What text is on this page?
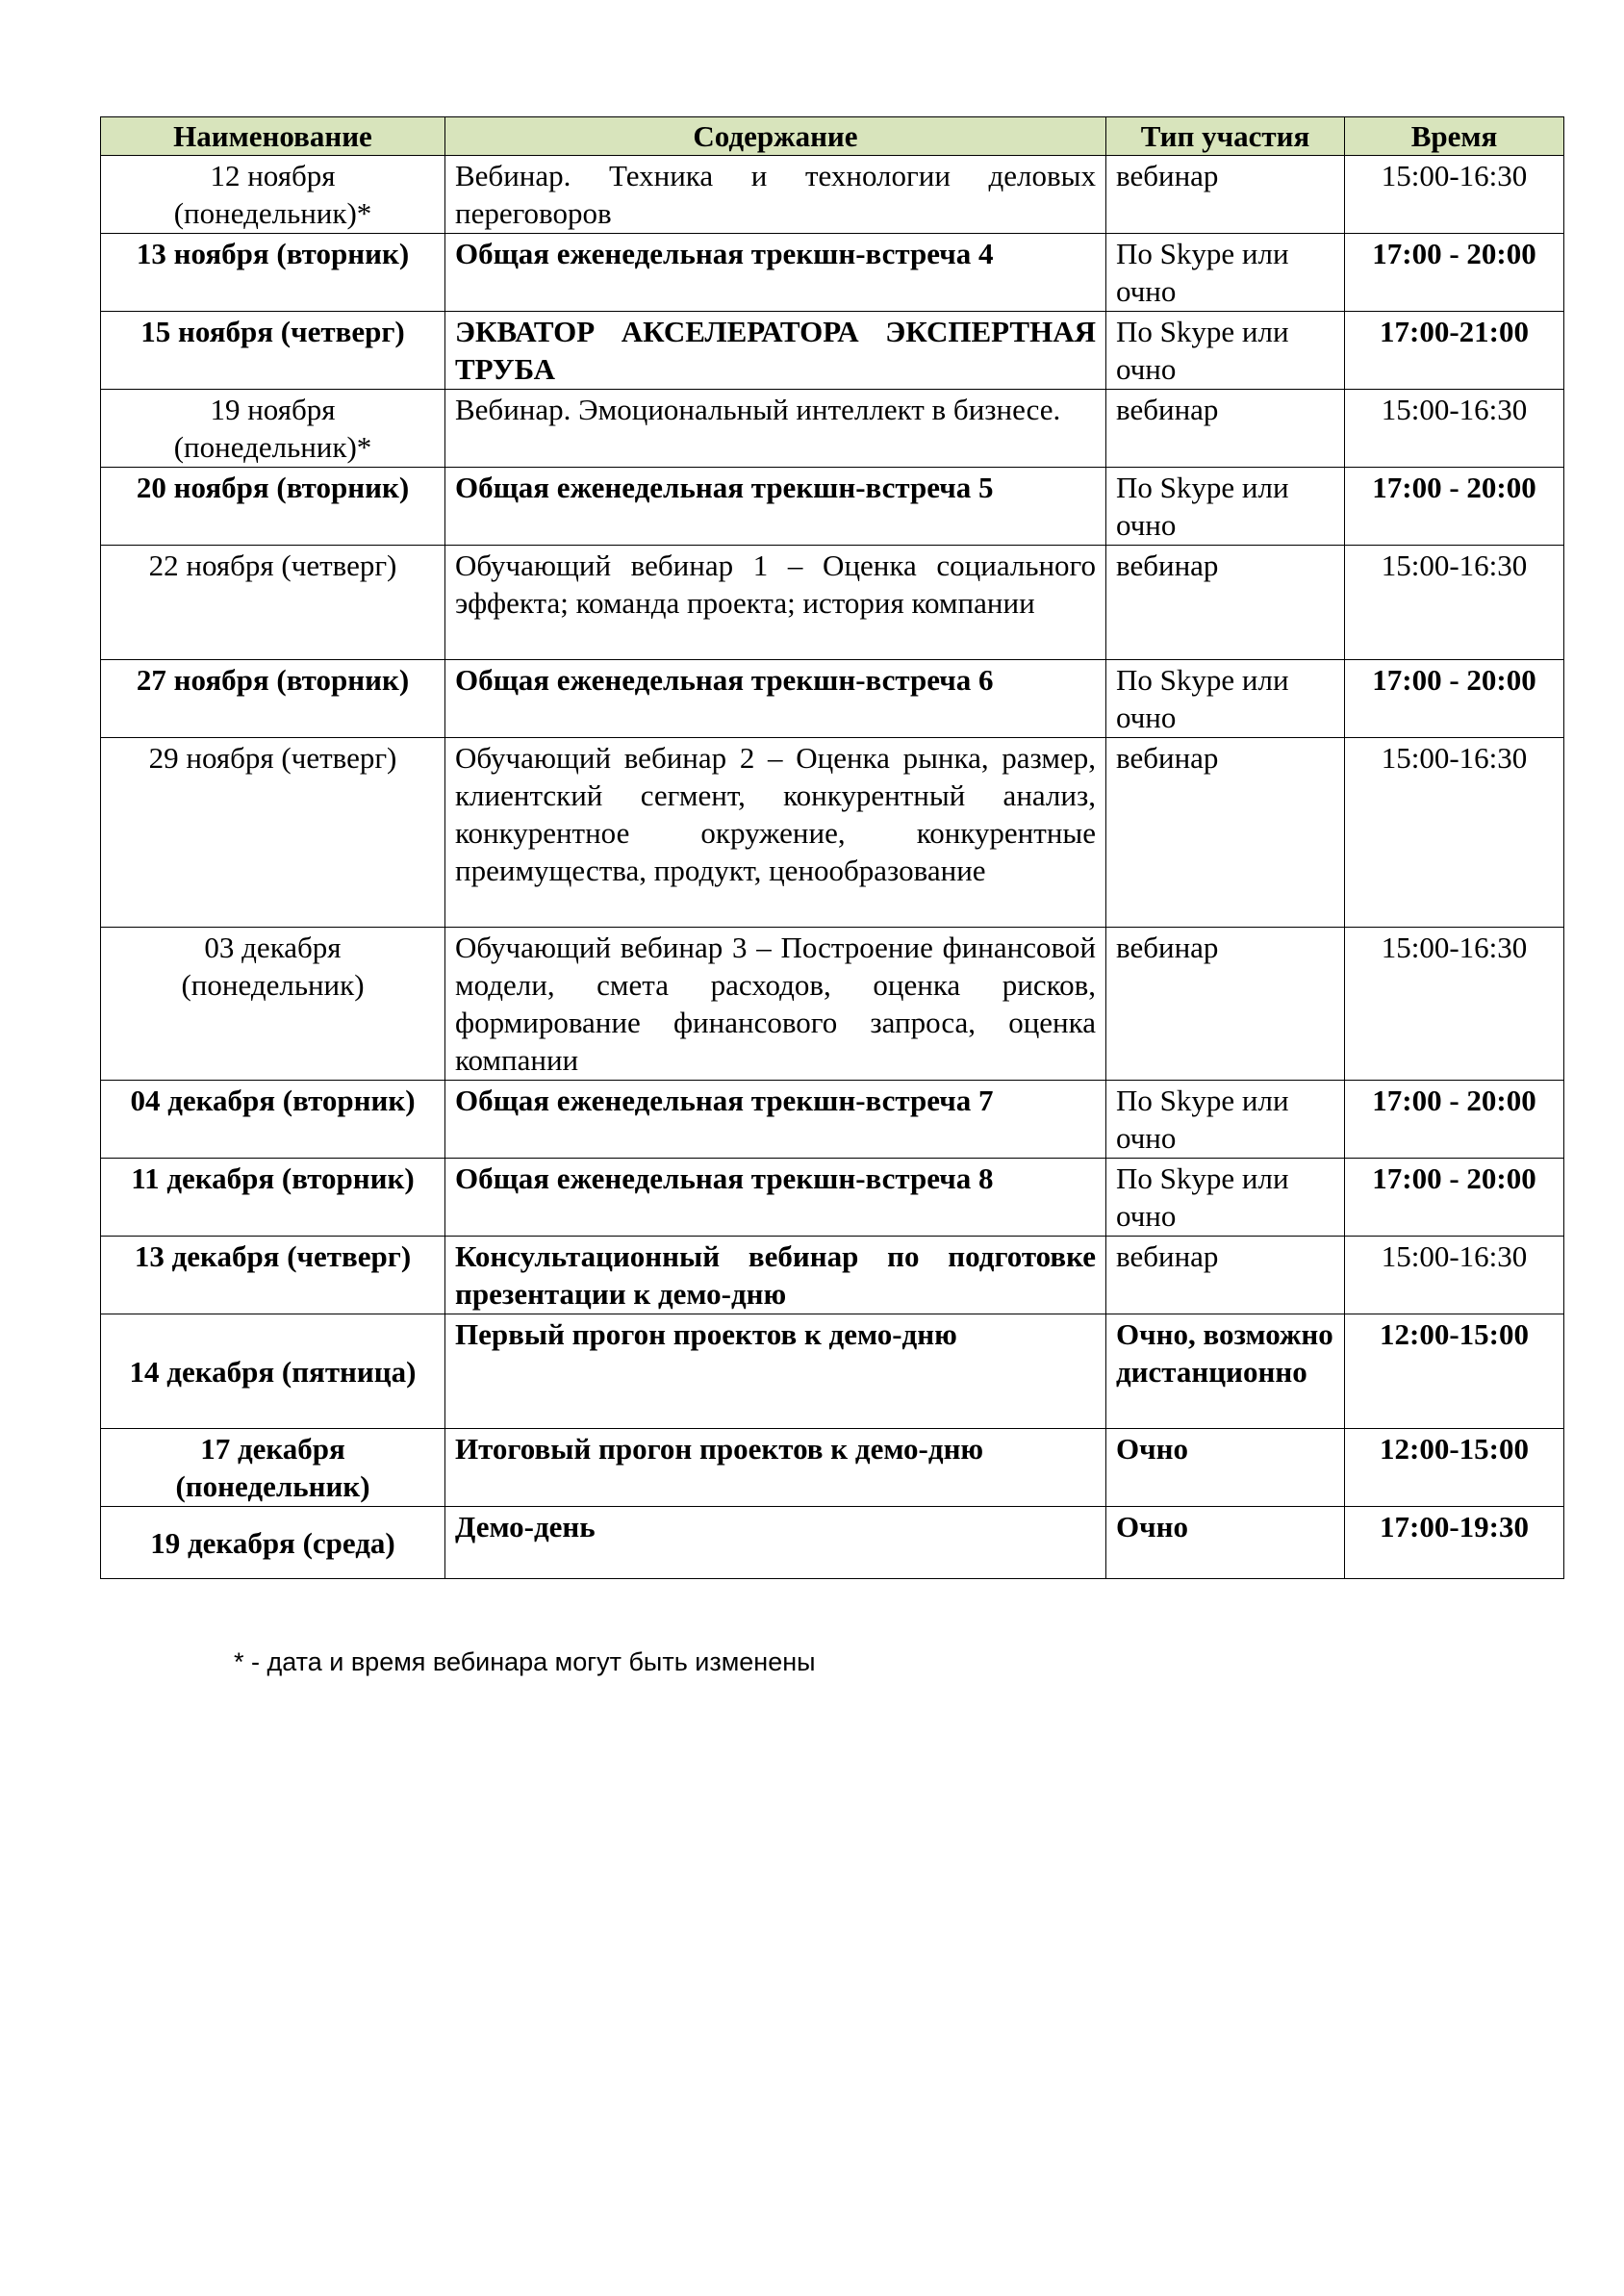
Наименование	Содержание	Тип участия	Время
12 ноября (понедельник)*	Вебинар. Техника и технологии деловых переговоров	вебинар	15:00-16:30
13 ноября (вторник)	Общая еженедельная трекшн-встреча 4	По Skype или очно	17:00 - 20:00
15 ноября (четверг)	ЭКВАТОР АКСЕЛЕРАТОРА ЭКСПЕРТНАЯ ТРУБА	По Skype или очно	17:00-21:00
19 ноября (понедельник)*	Вебинар. Эмоциональный интеллект в бизнесе.	вебинар	15:00-16:30
20 ноября (вторник)	Общая еженедельная трекшн-встреча 5	По Skype или очно	17:00 - 20:00
22 ноября (четверг)	Обучающий вебинар 1 – Оценка социального эффекта; команда проекта; история компании	вебинар	15:00-16:30
27 ноября (вторник)	Общая еженедельная трекшн-встреча 6	По Skype или очно	17:00 - 20:00
29 ноября (четверг)	Обучающий вебинар 2 – Оценка рынка, размер, клиентский сегмент, конкурентный анализ, конкурентное окружение, конкурентные преимущества, продукт, ценообразование	вебинар	15:00-16:30
03 декабря (понедельник)	Обучающий вебинар 3 – Построение финансовой модели, смета расходов, оценка рисков, формирование финансового запроса, оценка компании	вебинар	15:00-16:30
04 декабря (вторник)	Общая еженедельная трекшн-встреча 7	По Skype или очно	17:00 - 20:00
11 декабря (вторник)	Общая еженедельная трекшн-встреча 8	По Skype или очно	17:00 - 20:00
13 декабря (четверг)	Консультационный вебинар по подготовке презентации к демо-дню	вебинар	15:00-16:30
14 декабря (пятница)	Первый прогон проектов к демо-дню	Очно, возможно дистанционно	12:00-15:00
17 декабря (понедельник)	Итоговый прогон проектов к демо-дню	Очно	12:00-15:00
19 декабря (среда)	Демо-день	Очно	17:00-19:30
* - дата и время вебинара могут быть изменены
